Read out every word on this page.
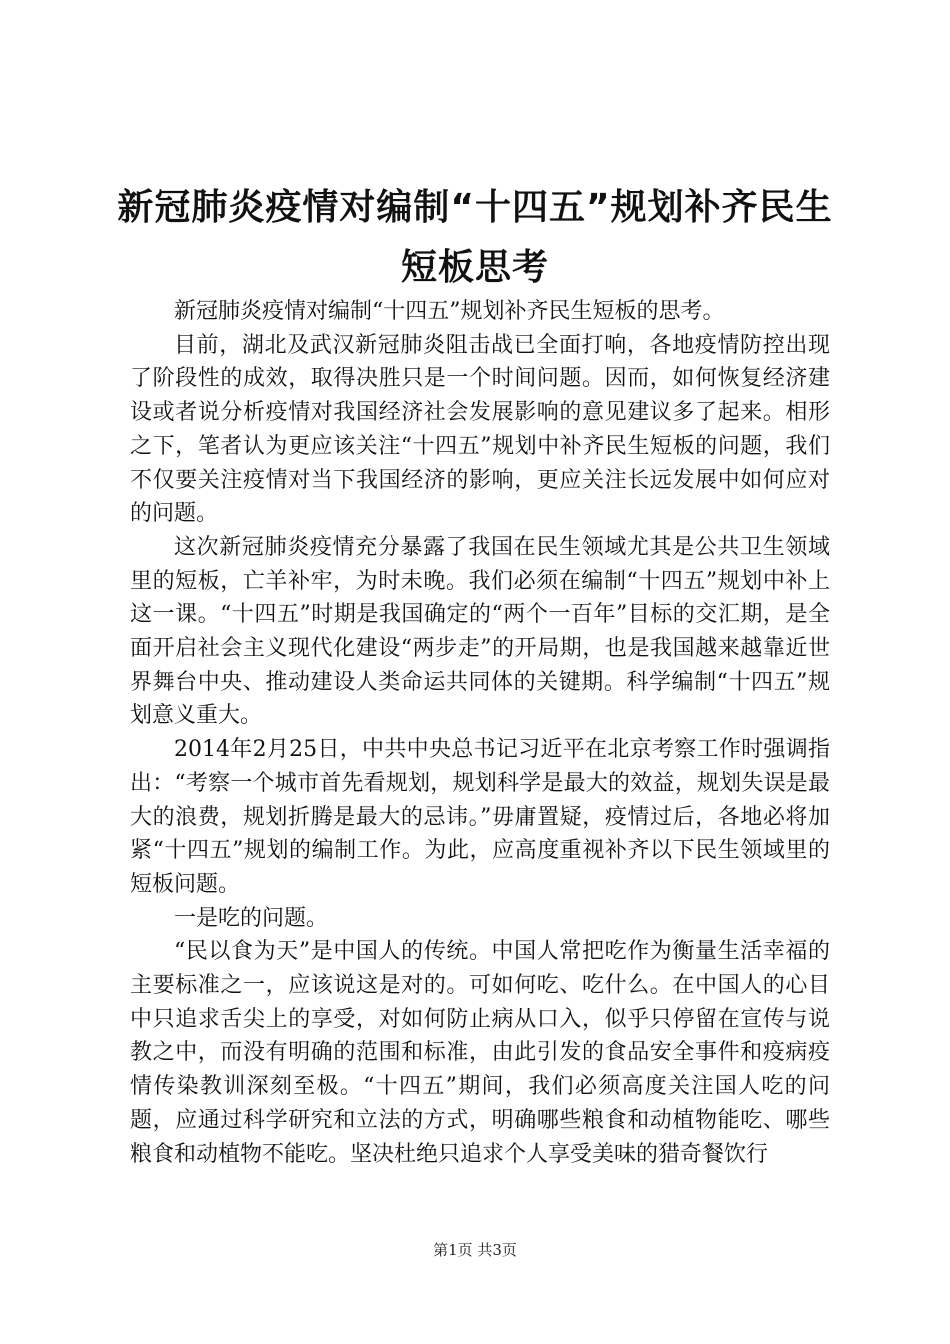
新冠肺炎疫情对编制“十四五”规划补齐民生短板思考

新冠肺炎疫情对编制“十四五”规划补齐民生短板的思考。

目前，湖北及武汉新冠肺炎阻击战已全面打响，各地疫情防控出现了阶段性的成效，取得决胜只是一个时间问题。因而，如何恢复经济建设或者说分析疫情对我国经济社会发展影响的意见建议多了起来。相形之下，笔者认为更应该关注“十四五”规划中补齐民生短板的问题，我们不仅要关注疫情对当下我国经济的影响，更应关注长远发展中如何应对的问题。

这次新冠肺炎疫情充分暴露了我国在民生领域尤其是公共卫生领域里的短板，亡羊补牢，为时未晚。我们必须在编制“十四五”规划中补上这一课。“十四五”时期是我国确定的“两个一百年”目标的交汇期，是全面开启社会主义现代化建设“两步走”的开局期，也是我国越来越靠近世界舞台中央、推动建设人类命运共同体的关键期。科学编制“十四五”规划意义重大。

2014年2月25日，中共中央总书记习近平在北京考察工作时强调指出：“考察一个城市首先看规划，规划科学是最大的效益，规划失误是最大的浪费，规划折腾是最大的忌讳。”毋庸置疑，疫情过后，各地必将加紧“十四五”规划的编制工作。为此，应高度重视补齐以下民生领域里的短板问题。

一是吃的问题。

“民以食为天”是中国人的传统。中国人常把吃作为衡量生活幸福的主要标准之一，应该说这是对的。可如何吃、吃什么。在中国人的心目中只追求舌尖上的享受，对如何防止病从口入，似乎只停留在宣传与说教之中，而没有明确的范围和标准，由此引发的食品安全事件和疫病疫情传染教训深刻至极。“十四五”期间，我们必须高度关注国人吃的问题，应通过科学研究和立法的方式，明确哪些粮食和动植物能吃、哪些粮食和动植物不能吃。坚决杜绝只追求个人享受美味的猎奇餐饮行

第1页 共3页
